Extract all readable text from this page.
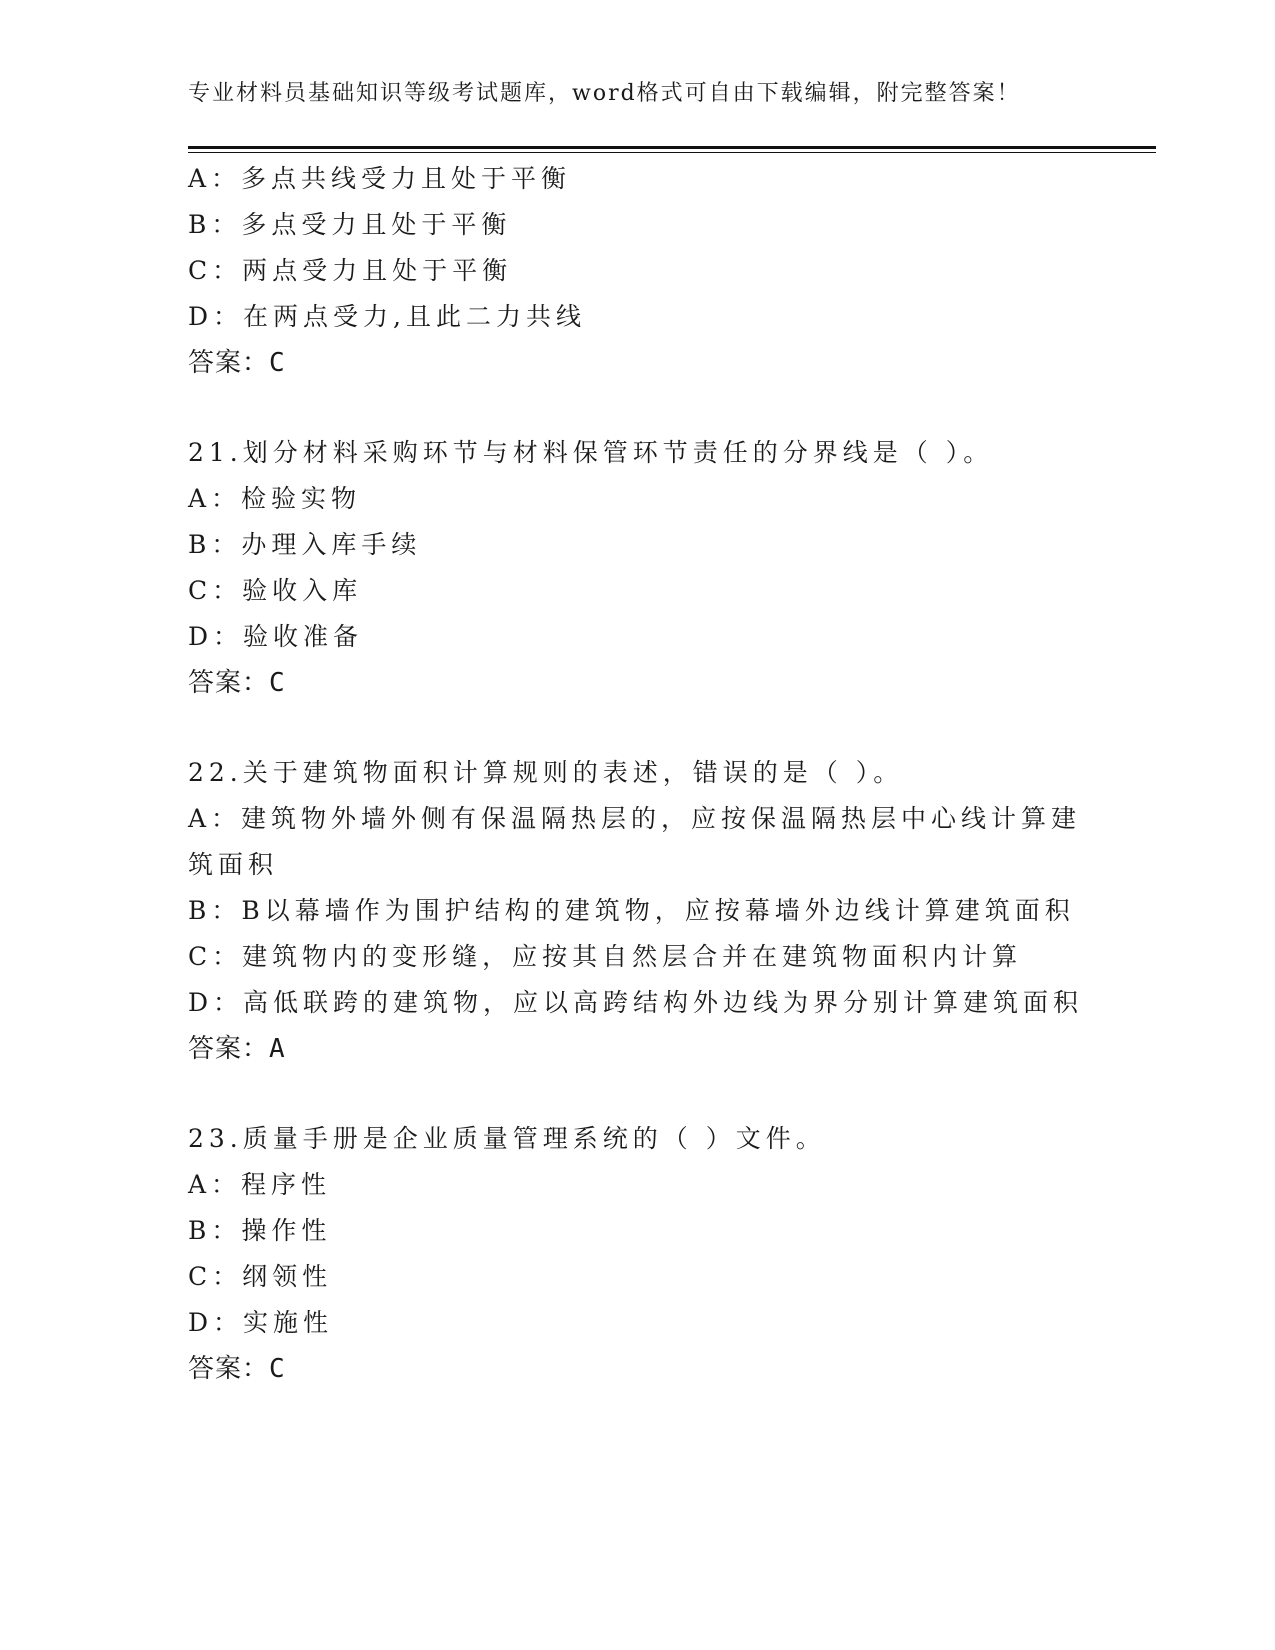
专业材料员基础知识等级考试题库，word格式可自由下载编辑，附完整答案！
A：多点共线受力且处于平衡
B：多点受力且处于平衡
C：两点受力且处于平衡
D：在两点受力,且此二力共线
答案：C
21.划分材料采购环节与材料保管环节责任的分界线是（ ）。
A：检验实物
B：办理入库手续
C：验收入库
D：验收准备
答案：C
22.关于建筑物面积计算规则的表述，错误的是（ ）。
A：建筑物外墙外侧有保温隔热层的，应按保温隔热层中心线计算建筑面积
B：B以幕墙作为围护结构的建筑物，应按幕墙外边线计算建筑面积
C：建筑物内的变形缝，应按其自然层合并在建筑物面积内计算
D：高低联跨的建筑物，应以高跨结构外边线为界分别计算建筑面积
答案：A
23.质量手册是企业质量管理系统的（ ）文件。
A：程序性
B：操作性
C：纲领性
D：实施性
答案：C
